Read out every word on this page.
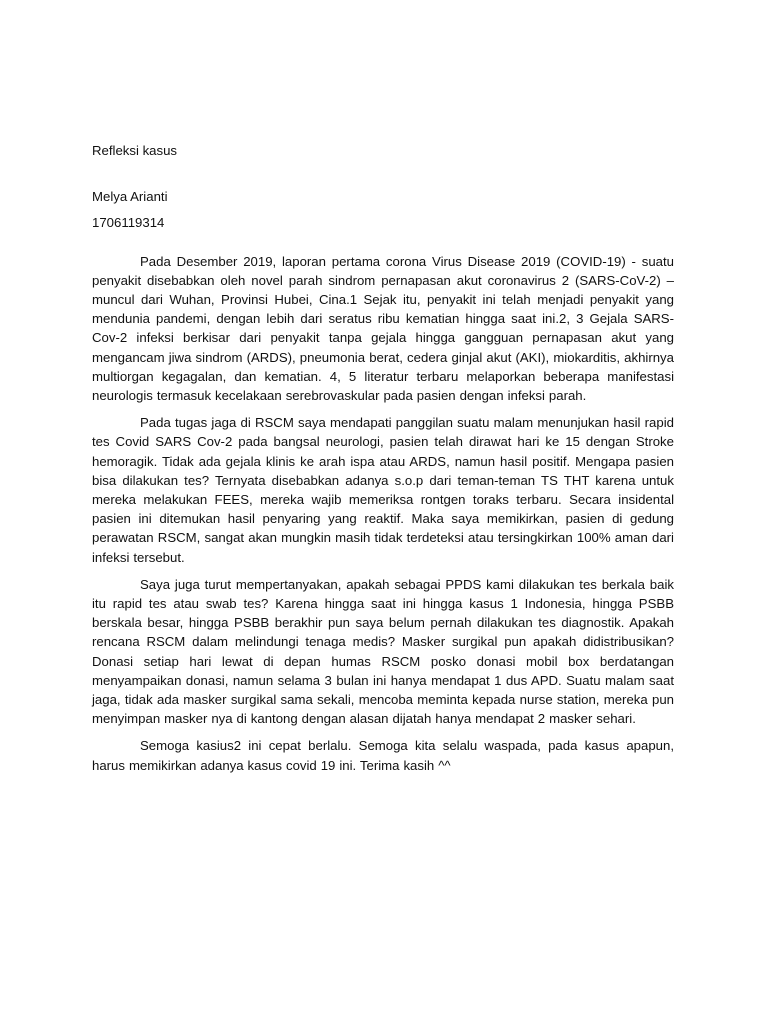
Refleksi kasus

Melya Arianti

1706119314

Pada Desember 2019, laporan pertama corona Virus Disease 2019 (COVID-19) - suatu penyakit disebabkan oleh novel parah sindrom pernapasan akut coronavirus 2 (SARS-CoV-2) – muncul dari Wuhan, Provinsi Hubei, Cina.1 Sejak itu, penyakit ini telah menjadi penyakit yang mendunia pandemi, dengan lebih dari seratus ribu kematian hingga saat ini.2, 3 Gejala SARS-Cov-2 infeksi berkisar dari penyakit tanpa gejala hingga gangguan pernapasan akut yang mengancam jiwa sindrom (ARDS), pneumonia berat, cedera ginjal akut (AKI), miokarditis, akhirnya multiorgan kegagalan, dan kematian. 4, 5 literatur terbaru melaporkan beberapa manifestasi neurologis termasuk kecelakaan serebrovaskular pada pasien dengan infeksi parah.

Pada tugas jaga di RSCM saya mendapati panggilan suatu malam menunjukan hasil rapid tes Covid SARS Cov-2 pada bangsal neurologi, pasien telah dirawat hari ke 15 dengan Stroke hemoragik. Tidak ada gejala klinis ke arah ispa atau ARDS, namun hasil positif. Mengapa pasien bisa dilakukan tes? Ternyata disebabkan adanya s.o.p dari teman-teman TS THT karena untuk mereka melakukan FEES, mereka wajib memeriksa rontgen toraks terbaru. Secara insidental pasien ini ditemukan hasil penyaring yang reaktif. Maka saya memikirkan, pasien di gedung perawatan RSCM, sangat akan mungkin masih tidak terdeteksi atau tersingkirkan 100% aman dari infeksi tersebut.

Saya juga turut mempertanyakan, apakah sebagai PPDS kami dilakukan tes berkala baik itu rapid tes atau swab tes? Karena hingga saat ini hingga kasus 1 Indonesia, hingga PSBB berskala besar, hingga PSBB berakhir pun saya belum pernah dilakukan tes diagnostik. Apakah rencana RSCM dalam melindungi tenaga medis? Masker surgikal pun apakah didistribusikan? Donasi setiap hari lewat di depan humas RSCM posko donasi mobil box berdatangan menyampaikan donasi, namun selama 3 bulan ini hanya mendapat 1 dus APD. Suatu malam saat jaga, tidak ada masker surgikal sama sekali, mencoba meminta kepada nurse station, mereka pun menyimpan masker nya di kantong dengan alasan dijatah hanya mendapat 2 masker sehari.

Semoga kasius2 ini cepat berlalu. Semoga kita selalu waspada, pada kasus apapun, harus memikirkan adanya kasus covid 19 ini. Terima kasih ^^
